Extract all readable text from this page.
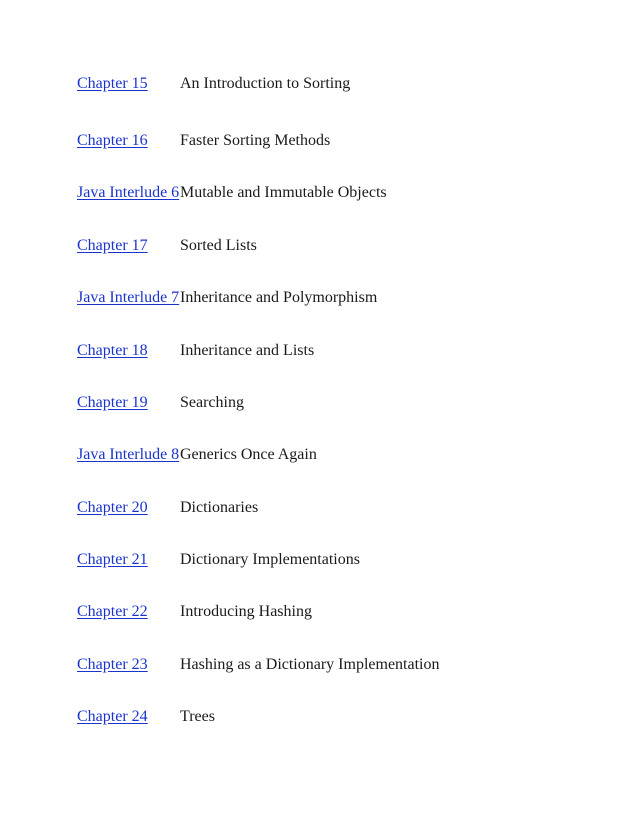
Chapter 15 An Introduction to Sorting
Chapter 16 Faster Sorting Methods
Java Interlude 6 Mutable and Immutable Objects
Chapter 17 Sorted Lists
Java Interlude 7 Inheritance and Polymorphism
Chapter 18 Inheritance and Lists
Chapter 19 Searching
Java Interlude 8 Generics Once Again
Chapter 20 Dictionaries
Chapter 21 Dictionary Implementations
Chapter 22 Introducing Hashing
Chapter 23 Hashing as a Dictionary Implementation
Chapter 24 Trees
